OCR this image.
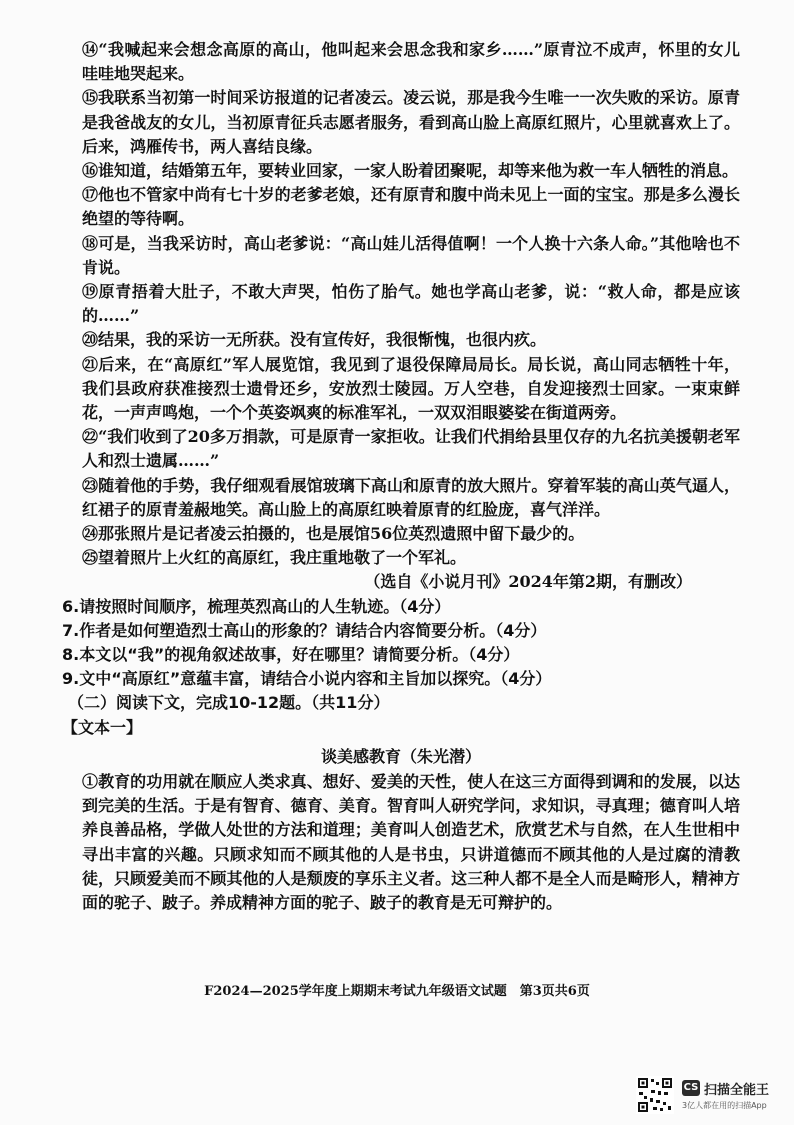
⑭“我喊起来会想念高原的高山，他叫起来会思念我和家乡……”原青泣不成声，怀里的女儿哇哇地哭起来。

⑮我联系当初第一时间采访报道的记者凌云。凌云说，那是我今生唯一一次失败的采访。原青是我爸战友的女儿，当初原青征兵志愿者服务，看到高山脸上高原红照片，心里就喜欢上了。后来，鸿雁传书，两人喜结良缘。

⑯谁知道，结婚第五年，要转业回家，一家人盼着团聚呢，却等来他为救一车人牺牲的消息。

⑰他也不管家中尚有七十岁的老爹老娘，还有原青和腹中尚未见上一面的宝宝。那是多么漫长绝望的等待啊。

⑱可是，当我采访时，高山老爹说：“高山娃儿活得值啊！一个人换十六条人命。”其他啥也不肯说。

⑲原青捂着大肚子，不敢大声哭，怕伤了胎气。她也学高山老爹，说：“救人命，都是应该的……”

⑳结果，我的采访一无所获。没有宣传好，我很惭愧，也很内疚。

㉑后来，在“高原红”军人展览馆，我见到了退役保障局局长。局长说，高山同志牺牲十年，我们县政府获准接烈士遗骨还乡，安放烈士陵园。万人空巷，自发迎接烈士回家。一束束鲜花，一声声鸣炮，一个个英姿飒爽的标准军礼，一双双泪眼婆娑在街道两旁。

㉒“我们收到了20多万捐款，可是原青一家拒收。让我们代捐给县里仅存的九名抗美援朝老军人和烈士遗属……”

㉓随着他的手势，我仔细观看展馆玻璃下高山和原青的放大照片。穿着军装的高山英气逼人，红裙子的原青羞赧地笑。高山脸上的高原红映着原青的红脸庞，喜气洋洋。

㉔那张照片是记者凌云拍摄的，也是展馆56位英烈遗照中留下最少的。

㉕望着照片上火红的高原红，我庄重地敬了一个军礼。

（选自《小说月刊》2024年第2期，有删改）

6.请按照时间顺序，梳理英烈高山的人生轨迹。（4分）

7.作者是如何塑造烈士高山的形象的？请结合内容简要分析。（4分）

8.本文以“我”的视角叙述故事，好在哪里？请简要分析。（4分）

9.文中“高原红”意蕴丰富，请结合小说内容和主旨加以探究。（4分）

（二）阅读下文，完成10-12题。（共11分）

【文本一】

谈美感教育（朱光潜）

①教育的功用就在顺应人类求真、想好、爱美的天性，使人在这三方面得到调和的发展，以达到完美的生活。于是有智育、德育、美育。智育叫人研究学问，求知识，寻真理；德育叫人培养良善品格，学做人处世的方法和道理；美育叫人创造艺术，欣赏艺术与自然，在人生世相中寻出丰富的兴趣。只顾求知而不顾其他的人是书虫，只讲道德而不顾其他的人是过腐的清教徒，只顾爱美而不顾其他的人是颓废的享乐主义者。这三种人都不是全人而是畸形人，精神方面的驼子、跛子。养成精神方面的驼子、跛子的教育是无可辩护的。

F2024—2025学年度上期期末考试九年级语文试题　第3页共6页
CS 扫描全能王
3亿人都在用的扫描App
